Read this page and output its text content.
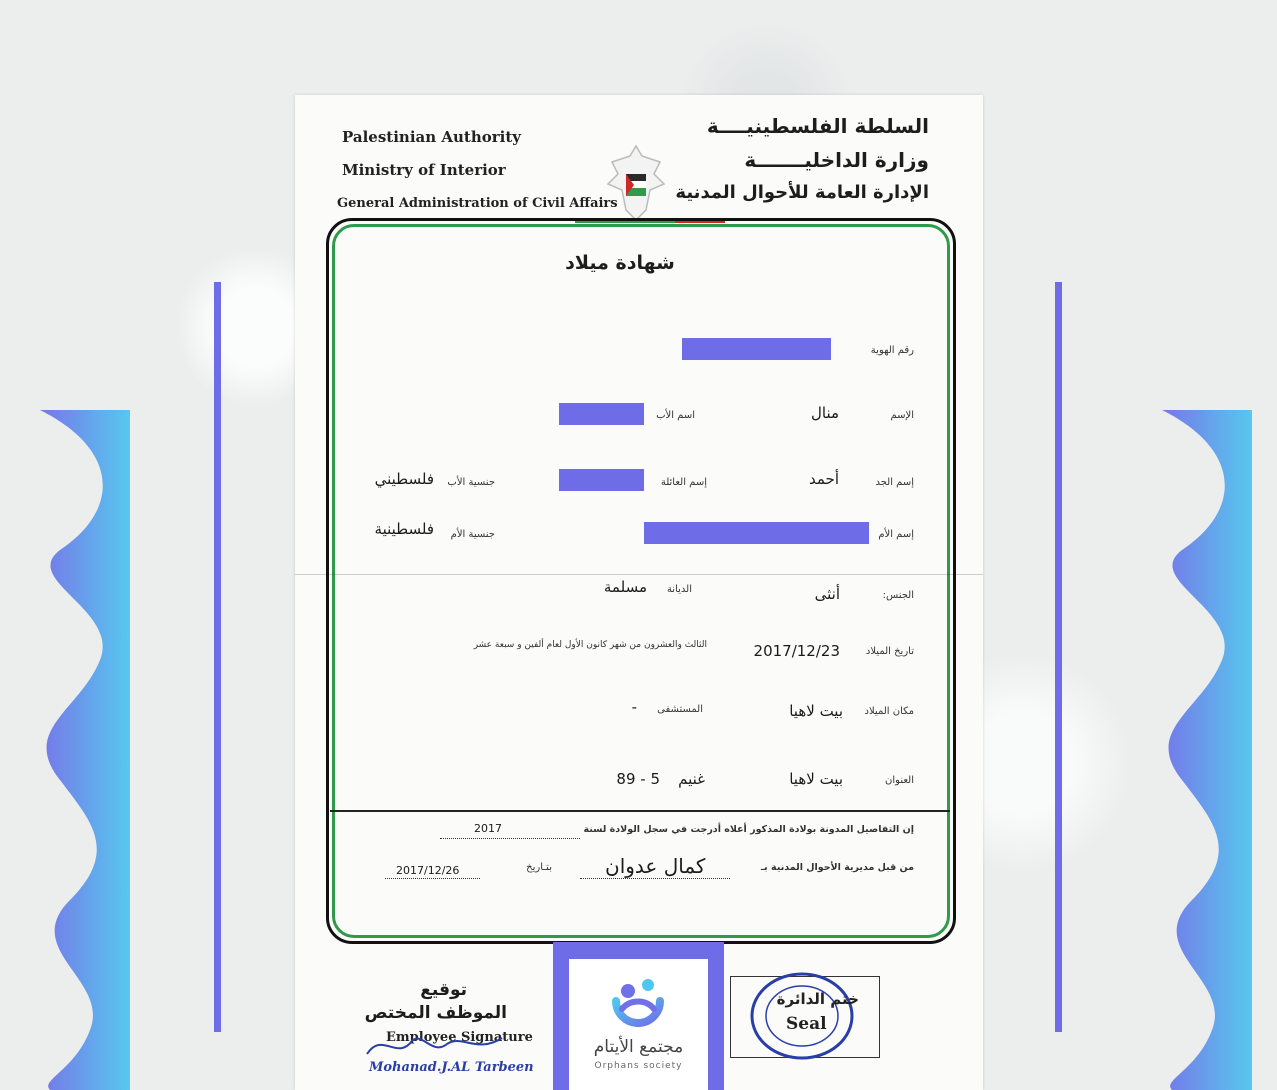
Palestinian Authority
Ministry of Interior
General Administration of Civil Affairs
السلطة الفلسطينيــــة
وزارة الداخليـــــــة
الإدارة العامة للأحوال المدنية
شهادة ميلاد
رقم الهوية
الإسم
منال
اسم الأب
إسم الجد
أحمد
إسم العائلة
جنسية الأب
فلسطيني
إسم الأم
جنسية الأم
فلسطينية
الجنس:
أنثى
الديانة
مسلمة
تاريخ الميلاد
2017/12/23
الثالث والعشرون من شهر كانون الأول لعام ألفين و سبعة عشر
مكان الميلاد
بيت لاهيا
المستشفى
-
العنوان
بيت لاهيا
غنيم
89 - 5
إن التفاصيل المدونة بولادة المذكور أعلاه أدرجت في سجل الولادة لسنة
2017
من قبل مديرية الأحوال المدنية بـ
كمال عدوان
بتـاريخ
2017/12/26
توقيع
الموظف المختص
Employee Signature
Mohanad.J.AL Tarbeen
مجتمع الأيتام
Orphans society
ختم الدائرة
Seal
